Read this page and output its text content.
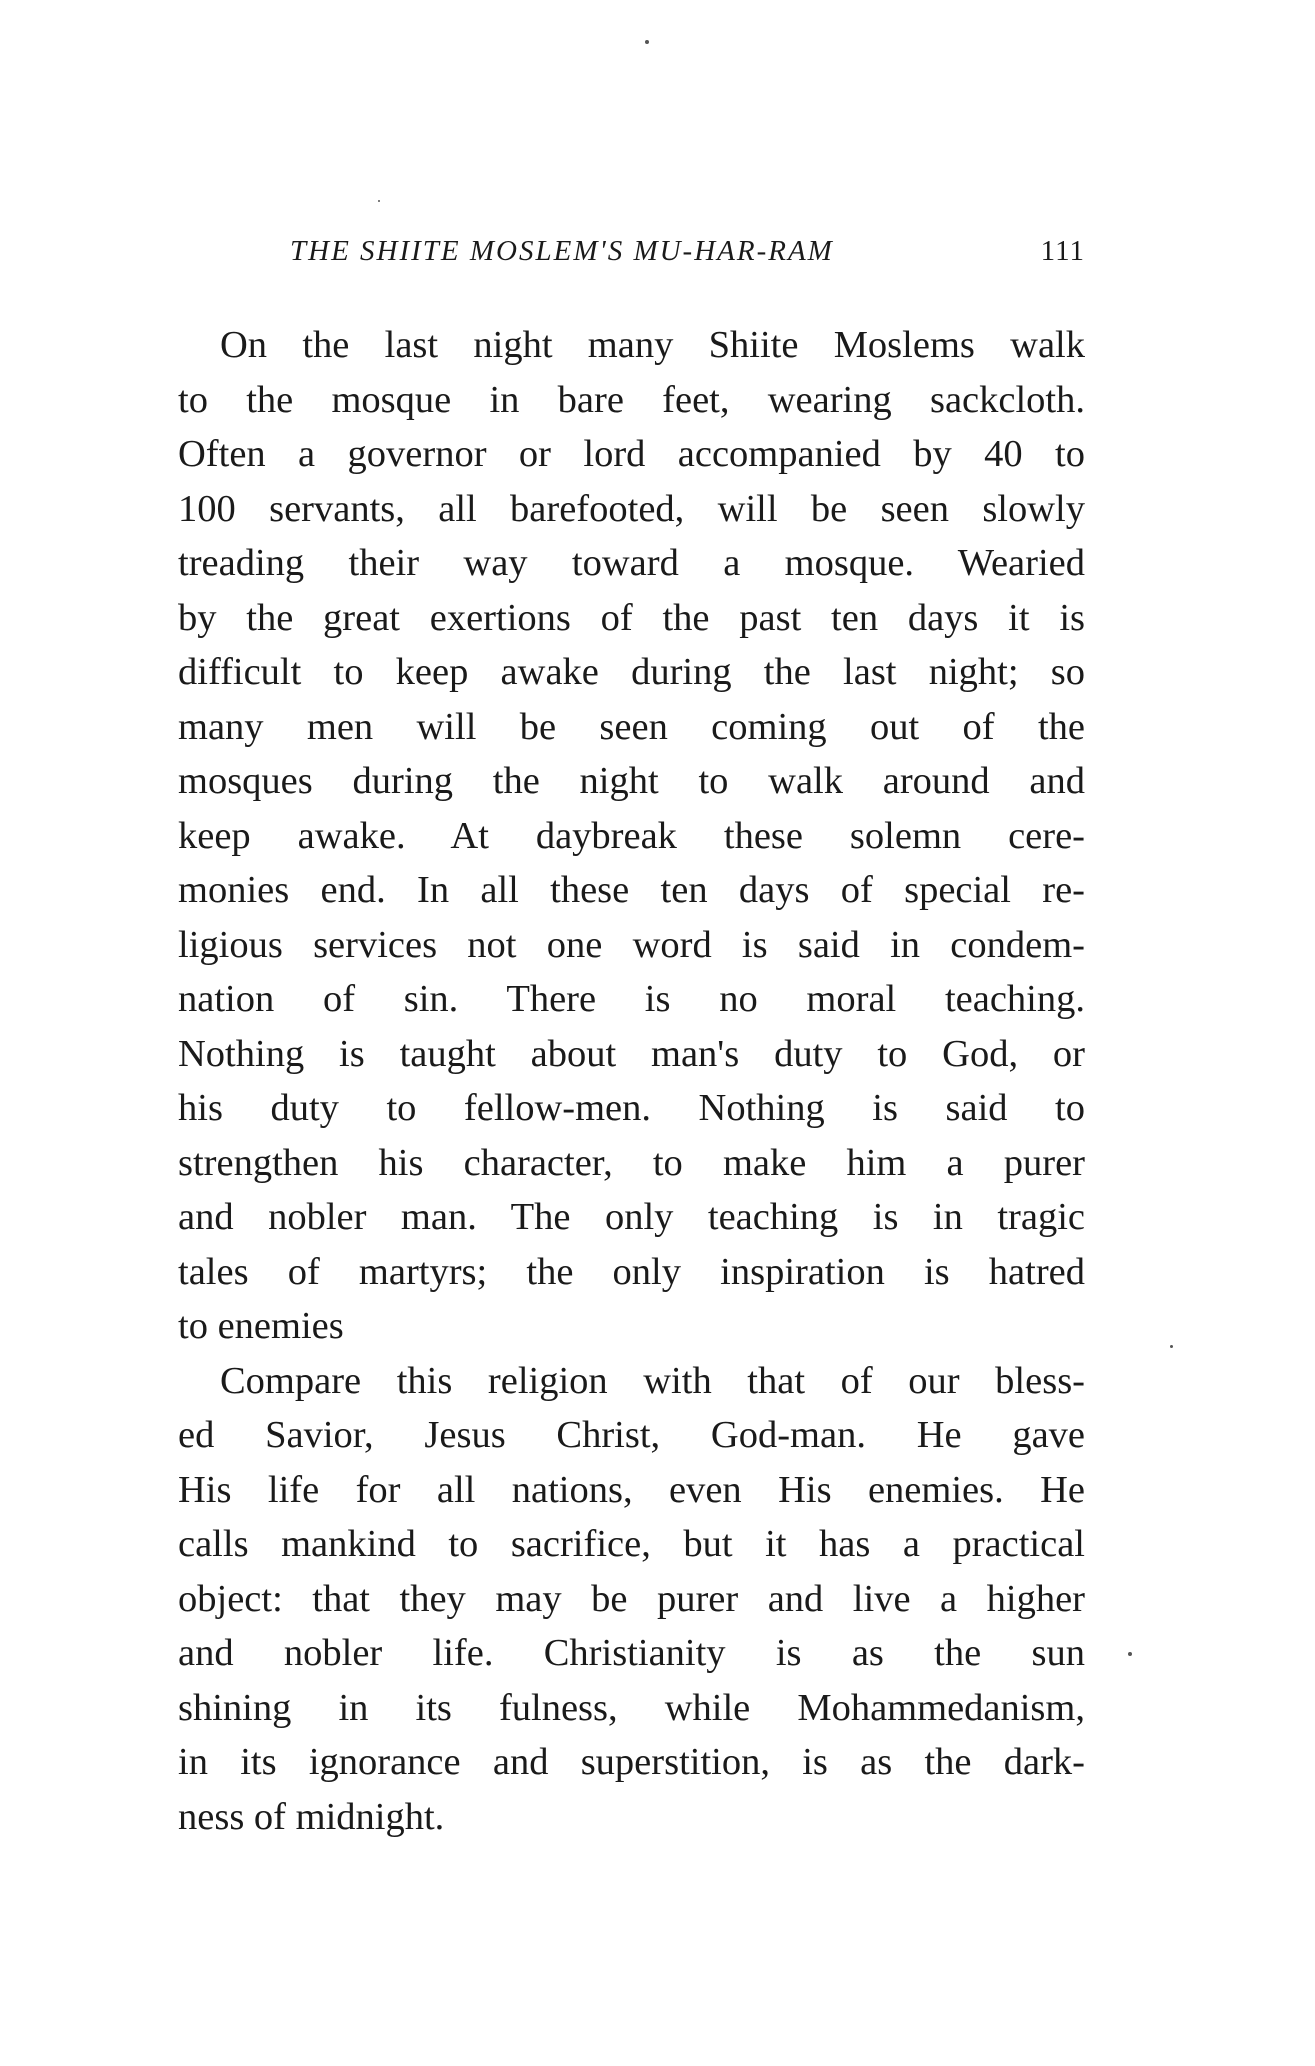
THE SHIITE MOSLEM'S MU-HAR-RAM	111
On the last night many Shiite Moslems walk
to the mosque in bare feet, wearing sackcloth.
Often a governor or lord accompanied by 40 to
100 servants, all barefooted, will be seen slowly
treading their way toward a mosque. Wearied
by the great exertions of the past ten days it is
difficult to keep awake during the last night; so
many men will be seen coming out of the
mosques during the night to walk around and
keep awake. At daybreak these solemn cere-
monies end. In all these ten days of special re-
ligious services not one word is said in condem-
nation of sin. There is no moral teaching.
Nothing is taught about man's duty to God, or
his duty to fellow-men. Nothing is said to
strengthen his character, to make him a purer
and nobler man. The only teaching is in tragic
tales of martyrs; the only inspiration is hatred
to enemies
Compare this religion with that of our bless-
ed Savior, Jesus Christ, God-man. He gave
His life for all nations, even His enemies. He
calls mankind to sacrifice, but it has a practical
object: that they may be purer and live a higher
and nobler life. Christianity is as the sun
shining in its fulness, while Mohammedanism,
in its ignorance and superstition, is as the dark-
ness of midnight.
